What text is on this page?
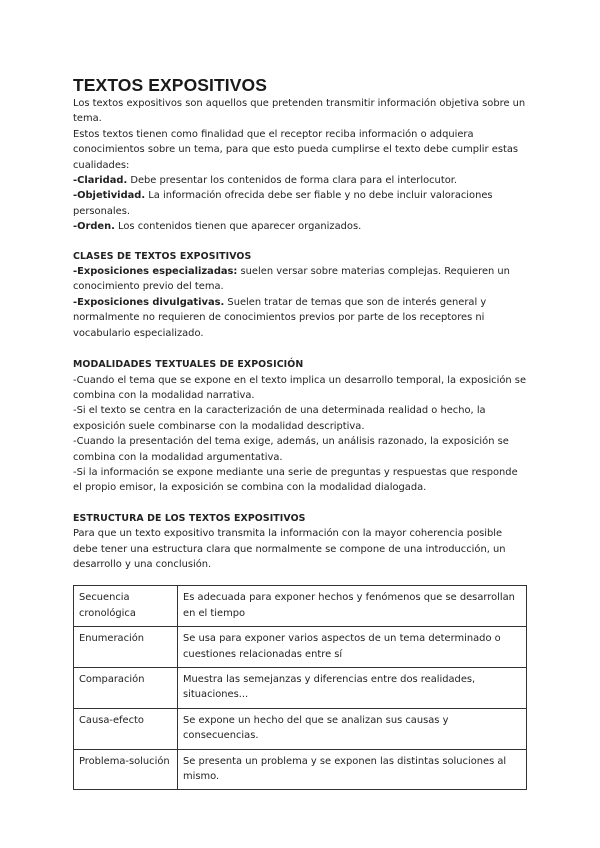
TEXTOS EXPOSITIVOS

Los textos expositivos son aquellos que pretenden transmitir información objetiva sobre un tema.

Estos textos tienen como finalidad que el receptor reciba información o adquiera conocimientos sobre un tema, para que esto pueda cumplirse el texto debe cumplir estas cualidades:

-Claridad. Debe presentar los contenidos de forma clara para el interlocutor.

-Objetividad. La información ofrecida debe ser fiable y no debe incluir valoraciones personales.

-Orden. Los contenidos tienen que aparecer organizados.

CLASES DE TEXTOS EXPOSITIVOS

-Exposiciones especializadas: suelen versar sobre materias complejas. Requieren un conocimiento previo del tema.

-Exposiciones divulgativas. Suelen tratar de temas que son de interés general y normalmente no requieren de conocimientos previos por parte de los receptores ni vocabulario especializado.

MODALIDADES TEXTUALES DE EXPOSICIÓN

-Cuando el tema que se expone en el texto implica un desarrollo temporal, la exposición se combina con la modalidad narrativa.

-Si el texto se centra en la caracterización de una determinada realidad o hecho, la exposición suele combinarse con la modalidad descriptiva.

-Cuando la presentación del tema exige, además, un análisis razonado, la exposición se combina con la modalidad argumentativa.

-Si la información se expone mediante una serie de preguntas y respuestas que responde el propio emisor, la exposición se combina con la modalidad dialogada.

ESTRUCTURA DE LOS TEXTOS EXPOSITIVOS

Para que un texto expositivo transmita la información con la mayor coherencia posible debe tener una estructura clara que normalmente se compone de una introducción, un desarrollo y una conclusión.

Secuencia cronológica	Es adecuada para exponer hechos y fenómenos que se desarrollan en el tiempo
Enumeración	Se usa para exponer varios aspectos de un tema determinado o cuestiones relacionadas entre sí
Comparación	Muestra las semejanzas y diferencias entre dos realidades, situaciones...
Causa-efecto	Se expone un hecho del que se analizan sus causas y consecuencias.
Problema-solución	Se presenta un problema y se exponen las distintas soluciones al mismo.
